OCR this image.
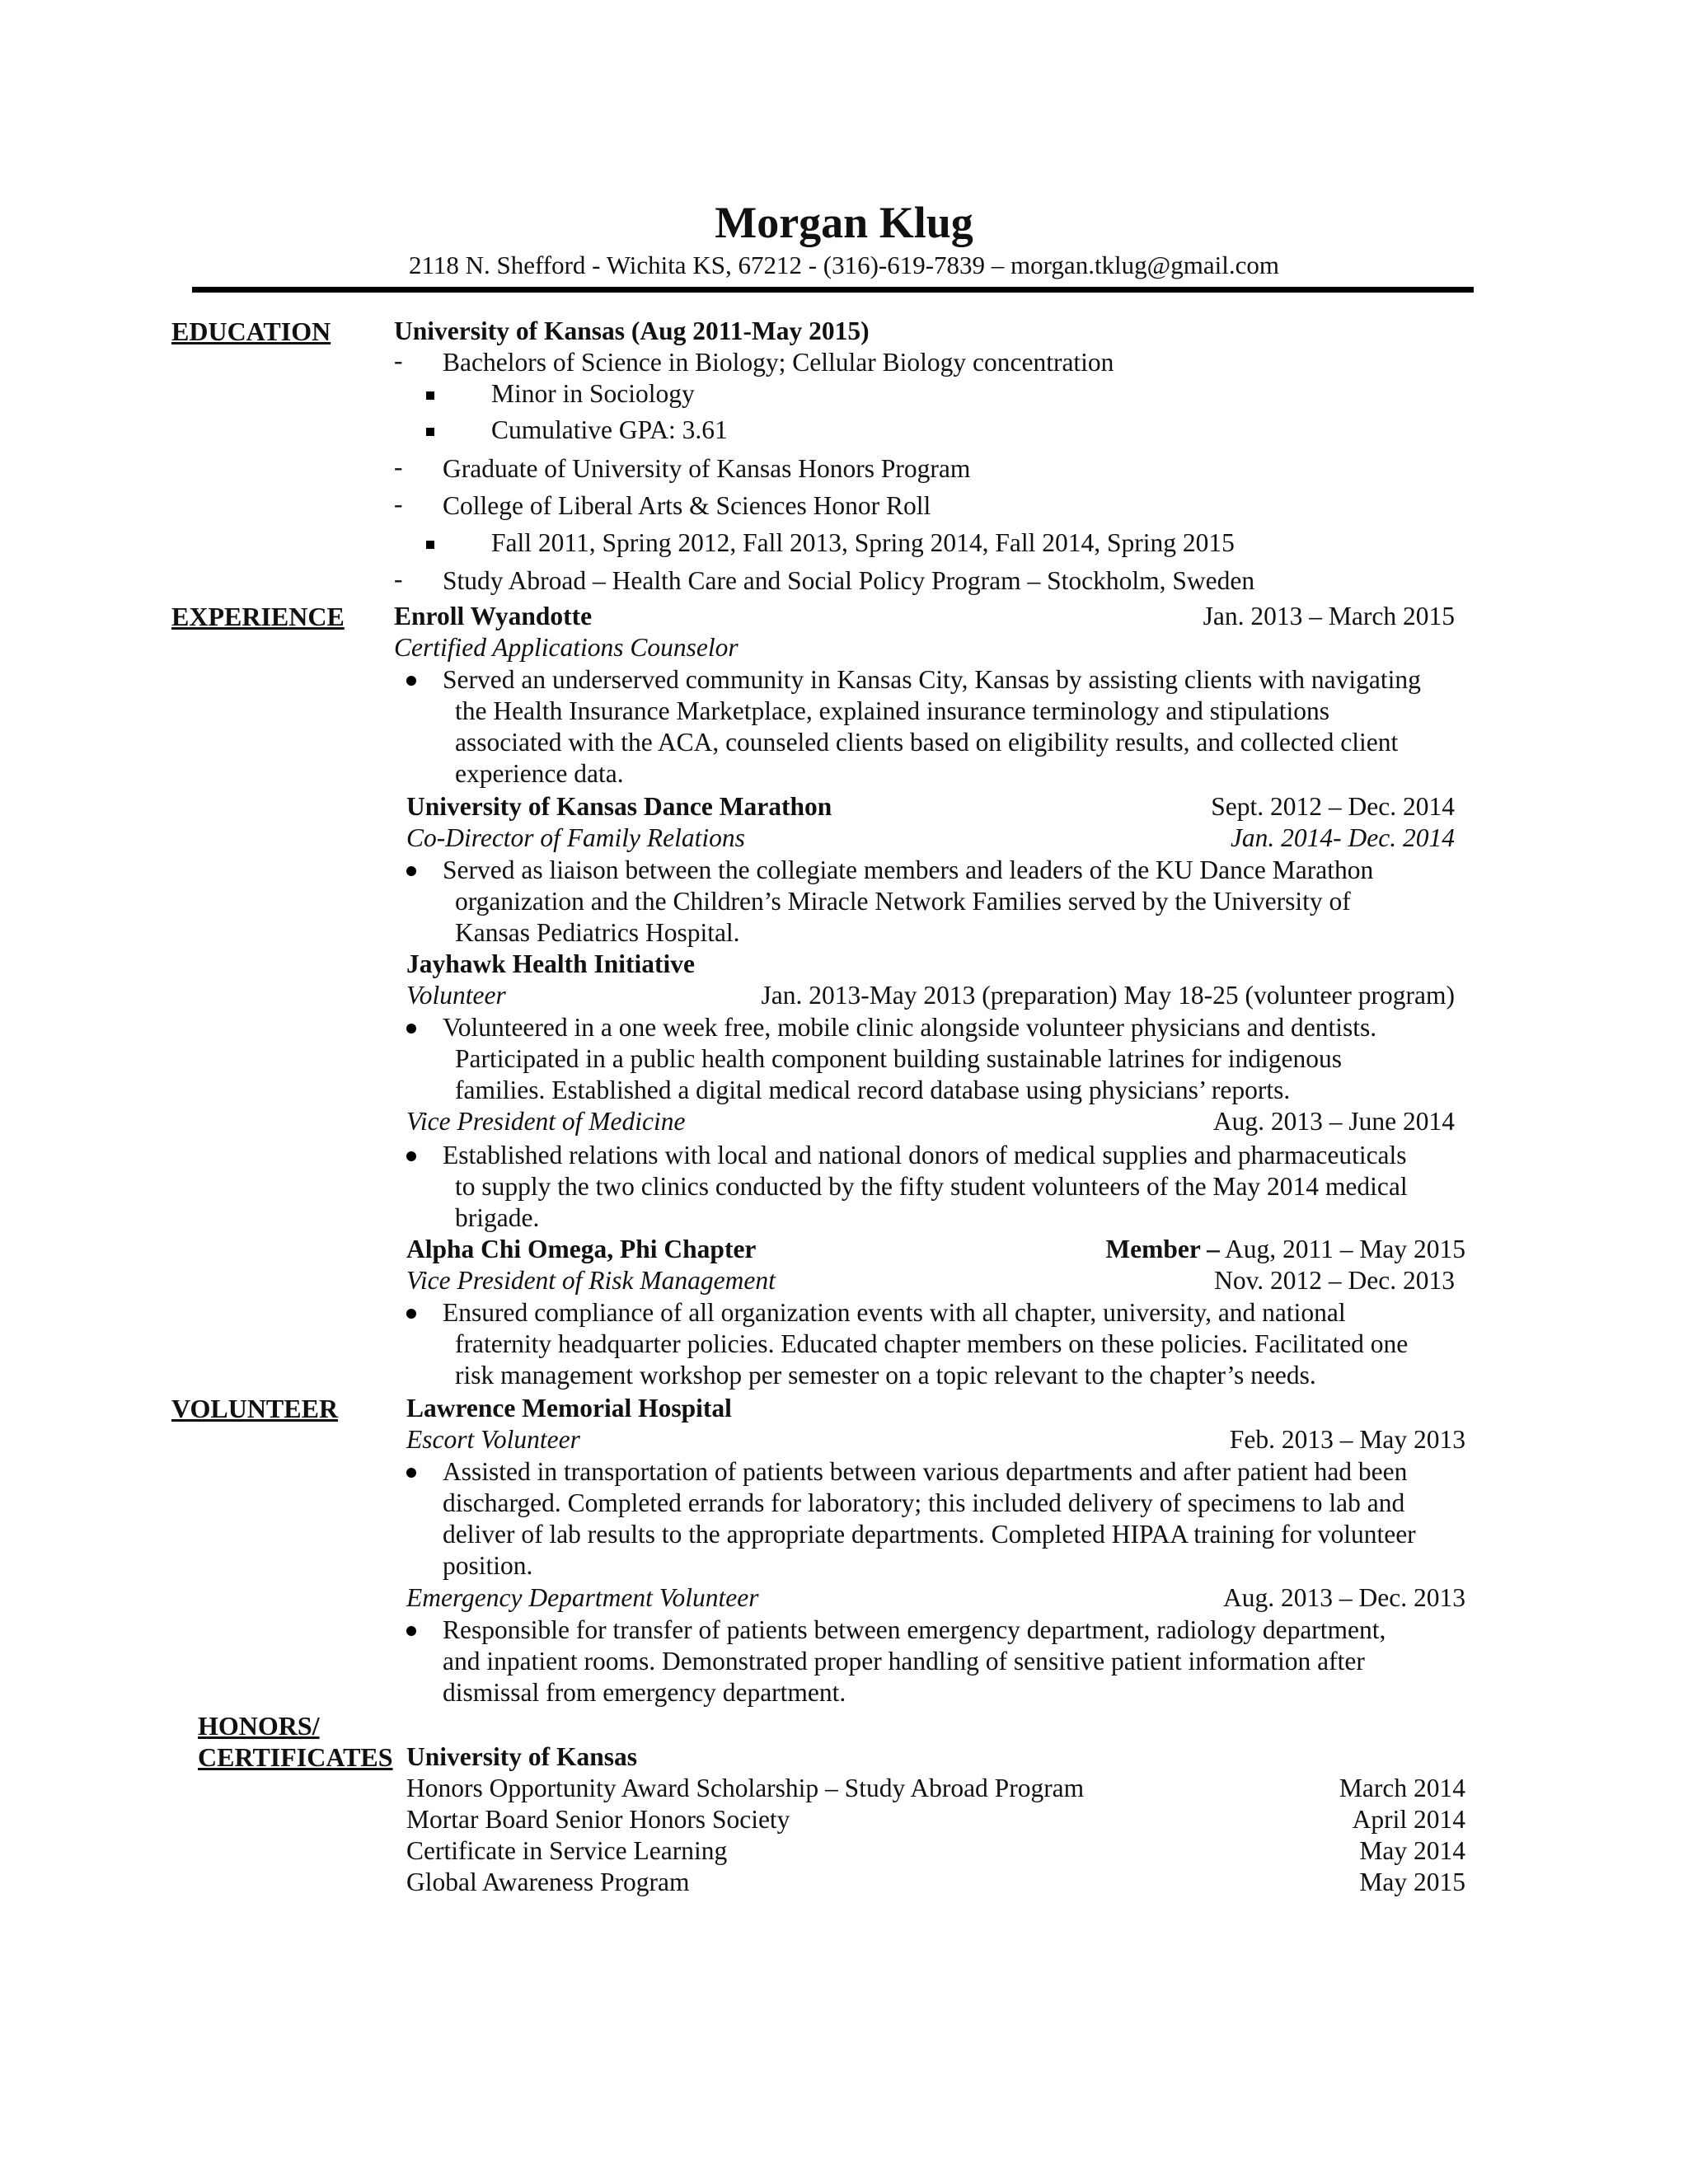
Morgan Klug
2118 N. Shefford - Wichita KS, 67212 - (316)-619-7839 – morgan.tklug@gmail.com
EDUCATION University of Kansas (Aug 2011-May 2015)
- Bachelors of Science in Biology; Cellular Biology concentration
Minor in Sociology
Cumulative GPA: 3.61
- Graduate of University of Kansas Honors Program
- College of Liberal Arts & Sciences Honor Roll
Fall 2011, Spring 2012, Fall 2013, Spring 2014, Fall 2014, Spring 2015
- Study Abroad – Health Care and Social Policy Program – Stockholm, Sweden
EXPERIENCE Enroll Wyandotte	Jan. 2013 – March 2015
Certified Applications Counselor
Served an underserved community in Kansas City, Kansas by assisting clients with navigating
the Health Insurance Marketplace, explained insurance terminology and stipulations
associated with the ACA, counseled clients based on eligibility results, and collected client
experience data.
University of Kansas Dance Marathon	Sept. 2012 – Dec. 2014
Co-Director of Family Relations	Jan. 2014- Dec. 2014
Served as liaison between the collegiate members and leaders of the KU Dance Marathon
organization and the Children’s Miracle Network Families served by the University of
Kansas Pediatrics Hospital.
Jayhawk Health Initiative
Volunteer	Jan. 2013-May 2013 (preparation) May 18-25 (volunteer program)
Volunteered in a one week free, mobile clinic alongside volunteer physicians and dentists.
Participated in a public health component building sustainable latrines for indigenous
families. Established a digital medical record database using physicians’ reports.
Vice President of Medicine	Aug. 2013 – June 2014
Established relations with local and national donors of medical supplies and pharmaceuticals
to supply the two clinics conducted by the fifty student volunteers of the May 2014 medical
brigade.
Alpha Chi Omega, Phi Chapter	Member – Aug, 2011 – May 2015
Vice President of Risk Management	Nov. 2012 – Dec. 2013
Ensured compliance of all organization events with all chapter, university, and national
fraternity headquarter policies. Educated chapter members on these policies. Facilitated one
risk management workshop per semester on a topic relevant to the chapter’s needs.
VOLUNTEER	Lawrence Memorial Hospital
Escort Volunteer	Feb. 2013 – May 2013
Assisted in transportation of patients between various departments and after patient had been
discharged. Completed errands for laboratory; this included delivery of specimens to lab and
deliver of lab results to the appropriate departments. Completed HIPAA training for volunteer
position.
Emergency Department Volunteer	Aug. 2013 – Dec. 2013
Responsible for transfer of patients between emergency department, radiology department,
and inpatient rooms. Demonstrated proper handling of sensitive patient information after
dismissal from emergency department.
HONORS/
CERTIFICATES University of Kansas
Honors Opportunity Award Scholarship – Study Abroad Program	March 2014
Mortar Board Senior Honors Society	April 2014
Certificate in Service Learning	May 2014
Global Awareness Program	May 2015
